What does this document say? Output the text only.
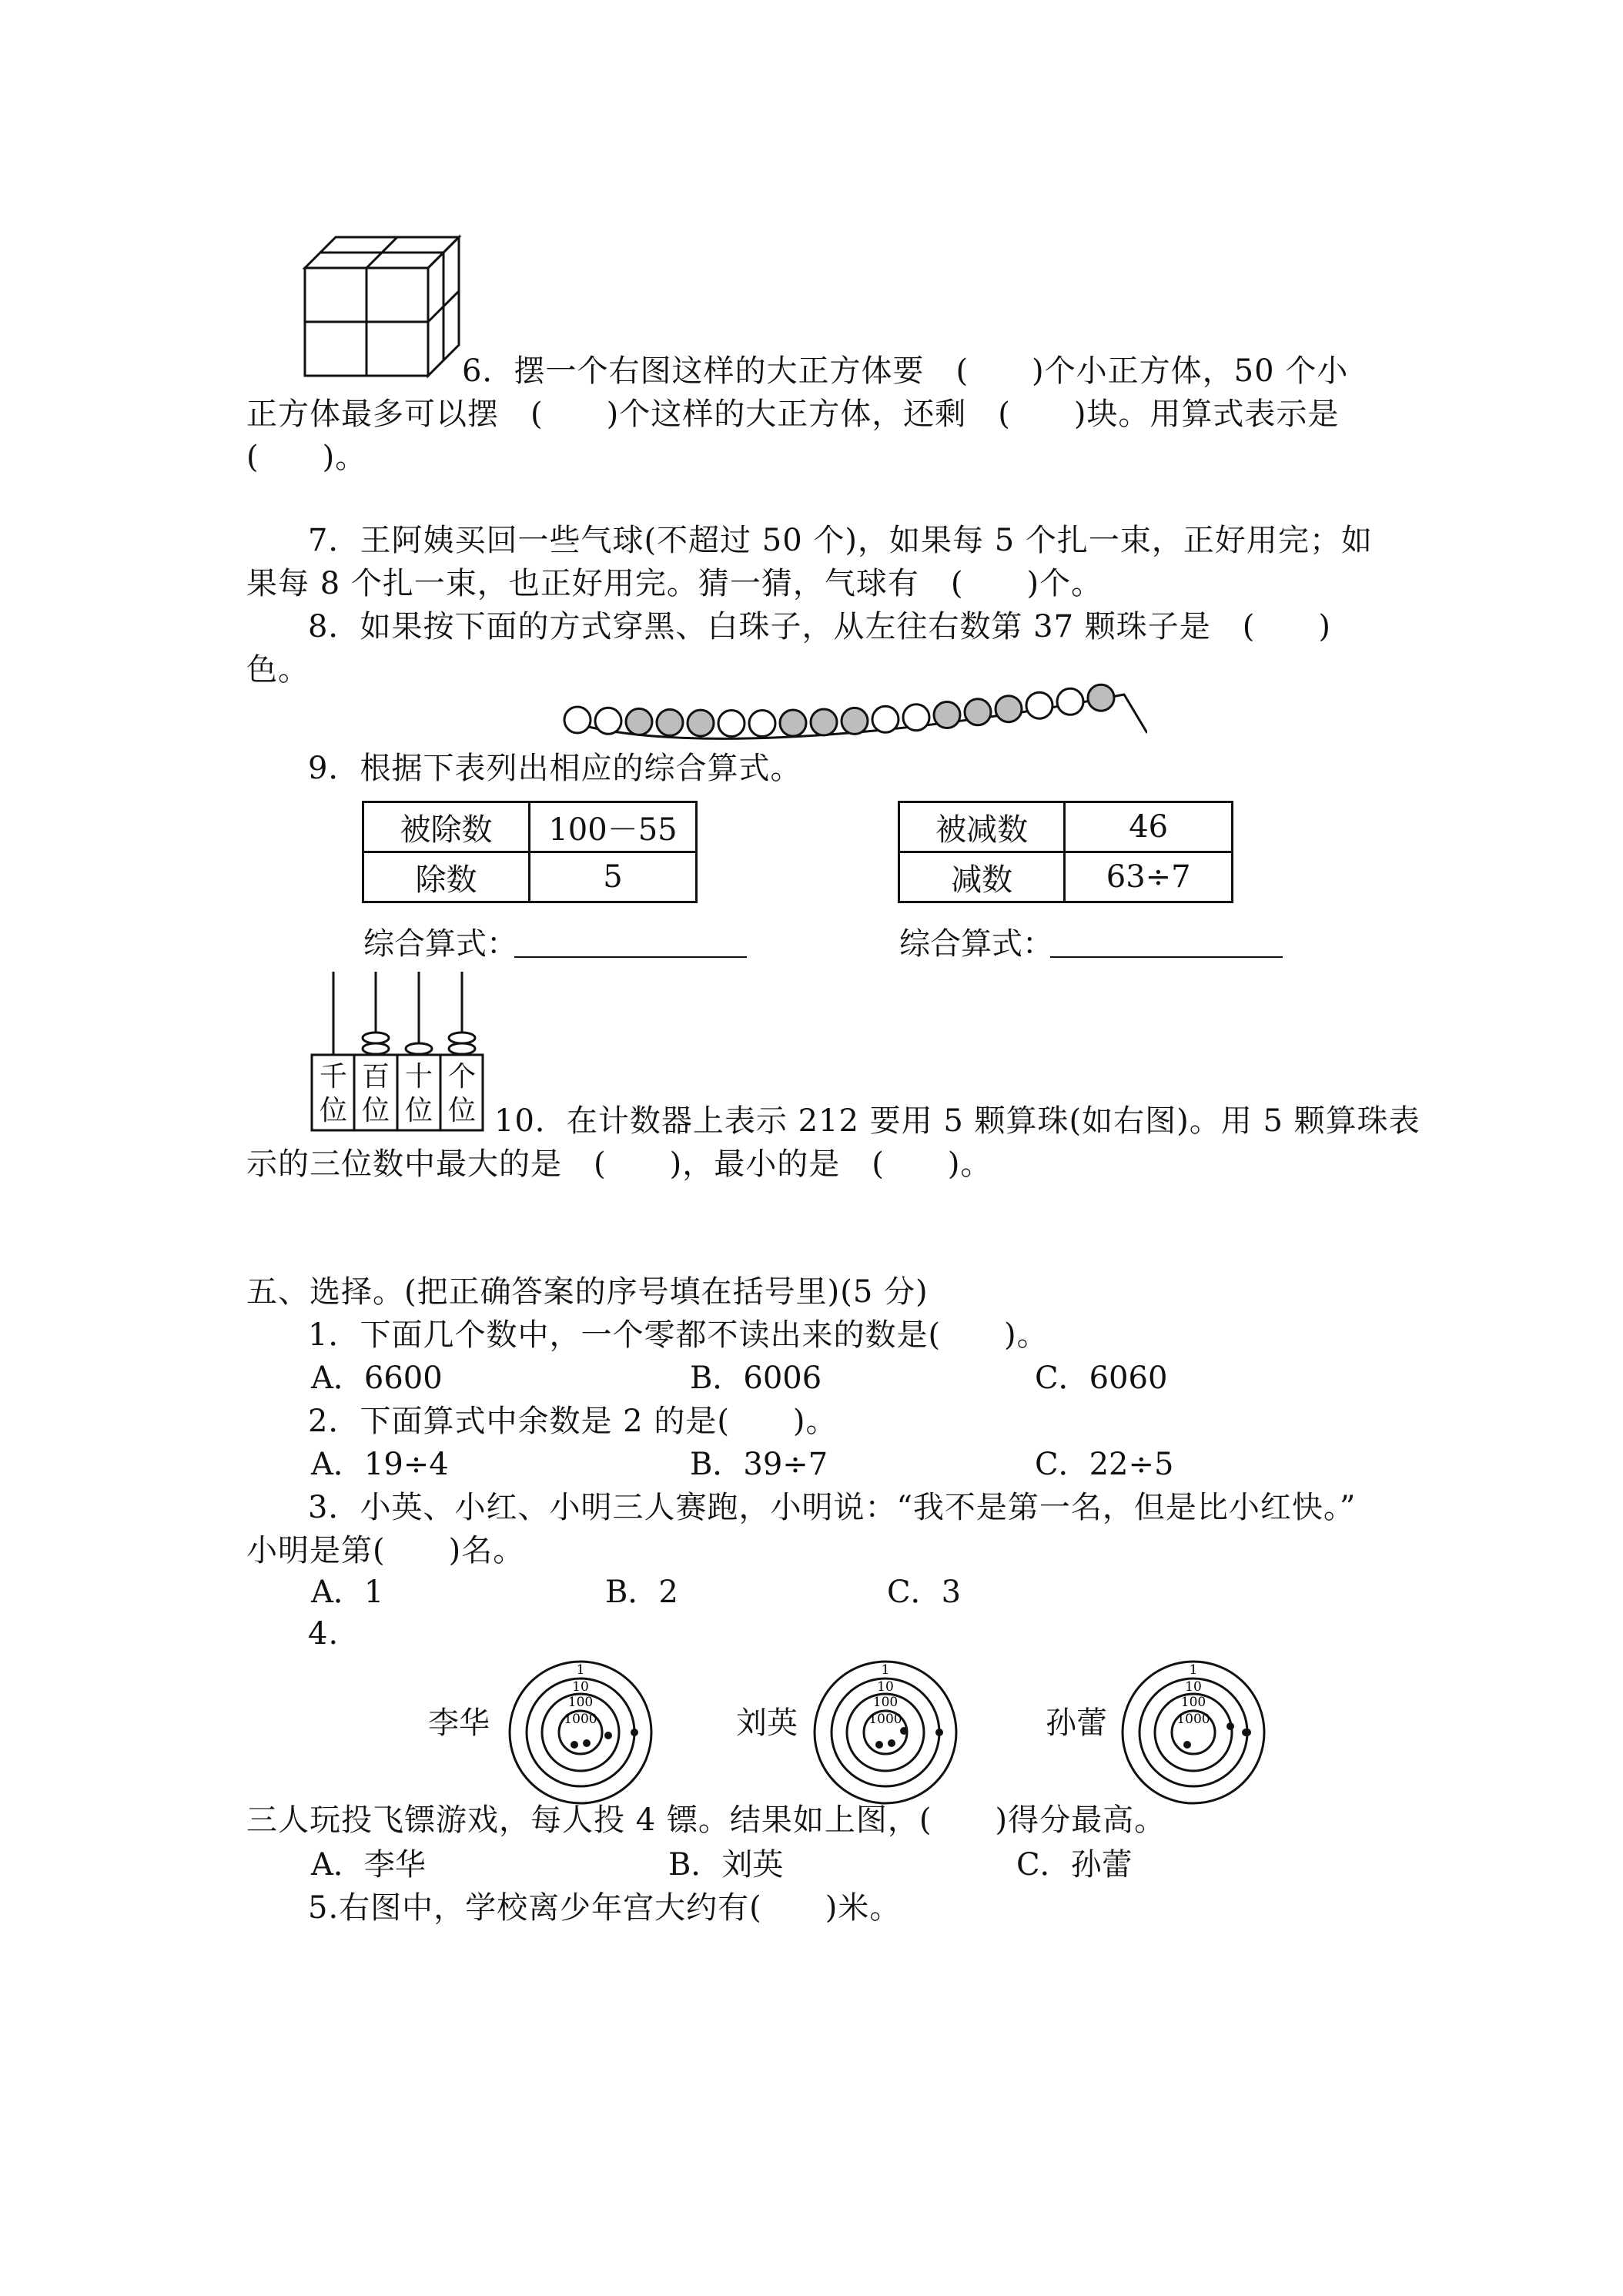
6．摆一个右图这样的大正方体要　(　　)个小正方体，50 个小
正方体最多可以摆　(　　)个这样的大正方体，还剩　(　　)块。用算式表示是
(　　)。
7．王阿姨买回一些气球(不超过 50 个)，如果每 5 个扎一束，正好用完；如
果每 8 个扎一束，也正好用完。猜一猜，气球有　(　　)个。
8．如果按下面的方式穿黑、白珠子，从左往右数第 37 颗珠子是　(　　)
色。
9．根据下表列出相应的综合算式。
被除数	100－55
除数	5
被减数	46
减数	63÷7
综合算式：	综合算式：
千
位
百
位
十
位
个
位 10．在计数器上表示 212 要用 5 颗算珠(如右图)。用 5 颗算珠表
示的三位数中最大的是　(　　)，最小的是　(　　)。
五、选择。(把正确答案的序号填在括号里)(5 分)
1．下面几个数中，一个零都不读出来的数是(　　)。
A．6600	B．6006	C．6060
2．下面算式中余数是 2 的是(　　)。
A．19÷4	B．39÷7	C．22÷5
3．小英、小红、小明三人赛跑，小明说：“我不是第一名，但是比小红快。”
小明是第(　　)名。
A．1	B．2	C．3
4.
李华	刘英	孙蕾
1
10
100
1000
1
10
100
1000
1
10
100
1000
三人玩投飞镖游戏，每人投 4 镖。结果如上图，(　　)得分最高。
A．李华	B．刘英	C．孙蕾
5.右图中，学校离少年宫大约有(　　)米。
